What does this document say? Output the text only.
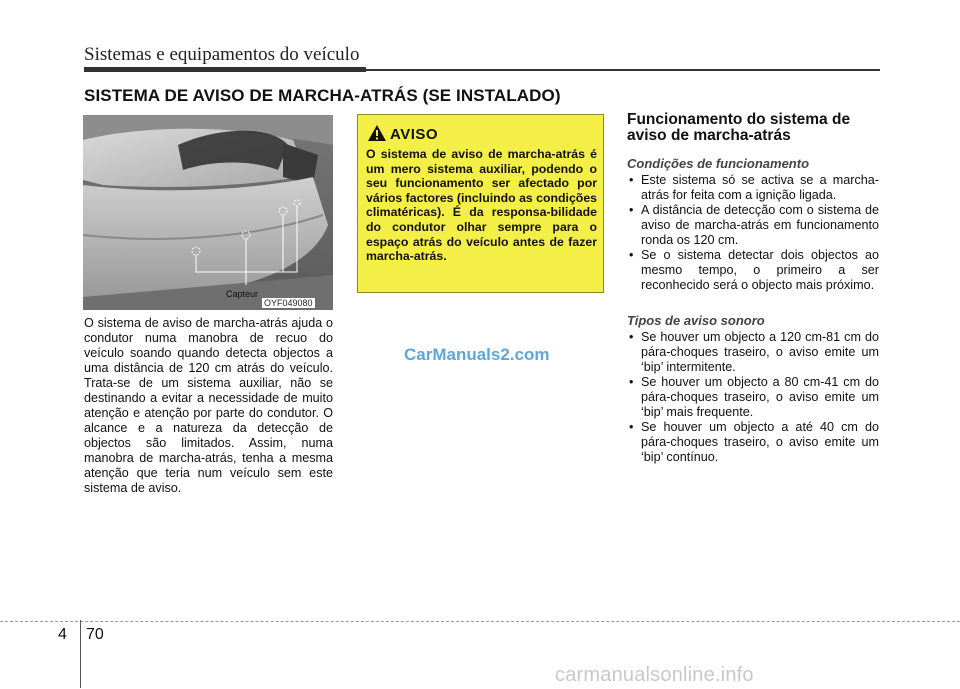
Sistemas e equipamentos do veículo
SISTEMA DE AVISO DE MARCHA-ATRÁS (SE INSTALADO)
Capteur
OYF049080
O sistema de aviso de marcha-atrás ajuda o condutor numa manobra de recuo do veículo soando quando detecta objectos a uma distância de 120 cm atrás do veículo. Trata-se de um sistema auxiliar, não se destinando a evitar a necessidade de muito atenção e atenção por parte do condutor. O alcance e a natureza da detecção de objectos são limitados. Assim, numa manobra de marcha-atrás, tenha a mesma atenção que teria num veículo sem este sistema de aviso.
AVISO
O sistema de aviso de marcha-atrás é um mero sistema auxiliar, podendo o seu funcionamento ser afectado por vários factores (incluindo as condições climatéricas). É da responsa-bilidade do condutor olhar sempre para o espaço atrás do veículo antes de fazer marcha-atrás.
CarManuals2.com

Funcionamento do sistema de aviso de marcha-atrás

Condições de funcionamento

• Este sistema só se activa se a marcha-atrás for feita com a ignição ligada.
• A distância de detecção com o sistema de aviso de marcha-atrás em funcionamento ronda os 120 cm.
• Se o sistema detectar dois objectos ao mesmo tempo, o primeiro a ser reconhecido será o objecto mais próximo.

Tipos de aviso sonoro

• Se houver um objecto a 120 cm-81 cm do pára-choques traseiro, o aviso emite um ‘bip’ intermitente.
• Se houver um objecto a 80 cm-41 cm do pára-choques traseiro, o aviso emite um ‘bip’ mais frequente.
• Se houver um objecto a até 40 cm do pára-choques traseiro, o aviso emite um ‘bip’ contínuo.
4 70
carmanualsonline.info
